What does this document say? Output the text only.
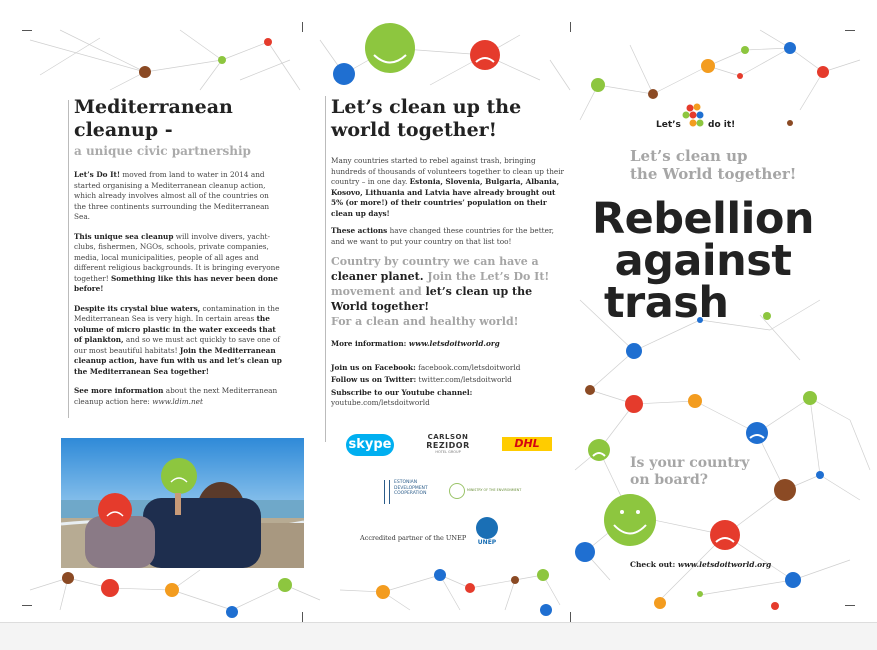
Mediterranean cleanup -
a unique civic partnership

Let’s Do It! moved from land to water in 2014 and started organising a Mediterranean cleanup action, which already involves almost all of the countries on the three continents surrounding the Mediterranean Sea.

This unique sea cleanup will involve divers, yacht-clubs, fishermen, NGOs, schools, private companies, media, local municipalities, people of all ages and different religious backgrounds. It is bringing everyone together! Something like this has never been done before!

Despite its crystal blue waters, contamination in the Mediterranean Sea is very high. In certain areas the volume of micro plastic in the water exceeds that of plankton, and so we must act quickly to save one of our most beautiful habitats! Join the Mediterranean cleanup action, have fun with us and let’s clean up the Mediterranean Sea together!

See more information about the next Mediterranean cleanup action here: www.ldim.net

Let’s clean up the world together!

Many countries started to rebel against trash, bringing hundreds of thousands of volunteers together to clean up their country – in one day. Estonia, Slovenia, Bulgaria, Albania, Kosovo, Lithuania and Latvia have already brought out 5% (or more!) of their countries’ population on their clean up days!

These actions have changed these countries for the better, and we want to put your country on that list too!

Country by country we can have a cleaner planet. Join the Let’s Do It! movement and let’s clean up the World together!
For a clean and healthy world!

More information: www.letsdoitworld.org

Join us on Facebook: facebook.com/letsdoitworld

Follow us on Twitter: twitter.com/letsdoitworld

Subscribe to our Youtube channel: youtube.com/letsdoitworld

skype	CARLSON
REZIDOR
HOTEL GROUP
DHL
ESTONIAN
DEVELOPMENT
COOPERATION
MINISTRY OF THE ENVIRONMENT
Accredited partner of the UNEP
UNEP
Let’s	do it!
Let’s clean up
the World together!
Rebellion
against
trash
Is your country
on board?
Check out: www.letsdoitworld.org
